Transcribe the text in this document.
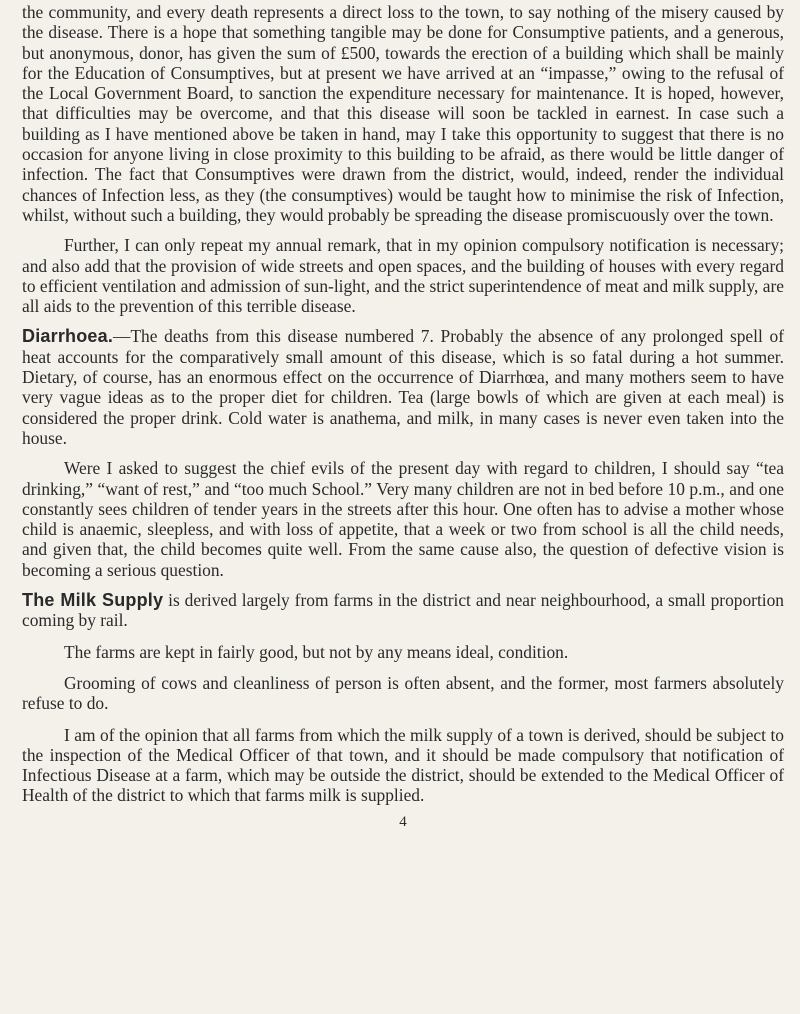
the community, and every death represents a direct loss to the town, to say nothing of the misery caused by the disease. There is a hope that something tangible may be done for Consumptive patients, and a generous, but anonymous, donor, has given the sum of £500, towards the erection of a building which shall be mainly for the Education of Consumptives, but at present we have arrived at an “impasse,” owing to the refusal of the Local Government Board, to sanction the expenditure necessary for maintenance. It is hoped, however, that difficulties may be overcome, and that this disease will soon be tackled in earnest. In case such a building as I have mentioned above be taken in hand, may I take this opportunity to suggest that there is no occasion for anyone living in close proximity to this building to be afraid, as there would be little danger of infection. The fact that Consumptives were drawn from the district, would, indeed, render the individual chances of Infection less, as they (the consumptives) would be taught how to minimise the risk of Infection, whilst, without such a building, they would probably be spreading the disease promiscuously over the town.

Further, I can only repeat my annual remark, that in my opinion compulsory notification is necessary; and also add that the provision of wide streets and open spaces, and the building of houses with every regard to efficient ventilation and admission of sun-light, and the strict superintendence of meat and milk supply, are all aids to the prevention of this terrible disease.

Diarrhoea.—The deaths from this disease numbered 7. Probably the absence of any prolonged spell of heat accounts for the comparatively small amount of this disease, which is so fatal during a hot summer. Dietary, of course, has an enormous effect on the occurrence of Diarrhœa, and many mothers seem to have very vague ideas as to the proper diet for children. Tea (large bowls of which are given at each meal) is considered the proper drink. Cold water is anathema, and milk, in many cases is never even taken into the house.

Were I asked to suggest the chief evils of the present day with regard to children, I should say “tea drinking,” “want of rest,” and “too much School.” Very many children are not in bed before 10 p.m., and one constantly sees children of tender years in the streets after this hour. One often has to advise a mother whose child is anaemic, sleepless, and with loss of appetite, that a week or two from school is all the child needs, and given that, the child becomes quite well. From the same cause also, the question of defective vision is becoming a serious question.

The Milk Supply is derived largely from farms in the district and near neighbourhood, a small proportion coming by rail.

The farms are kept in fairly good, but not by any means ideal, condition.

Grooming of cows and cleanliness of person is often absent, and the former, most farmers absolutely refuse to do.

I am of the opinion that all farms from which the milk supply of a town is derived, should be subject to the inspection of the Medical Officer of that town, and it should be made compulsory that notification of Infectious Disease at a farm, which may be outside the district, should be extended to the Medical Officer of Health of the district to which that farms milk is supplied.

4
